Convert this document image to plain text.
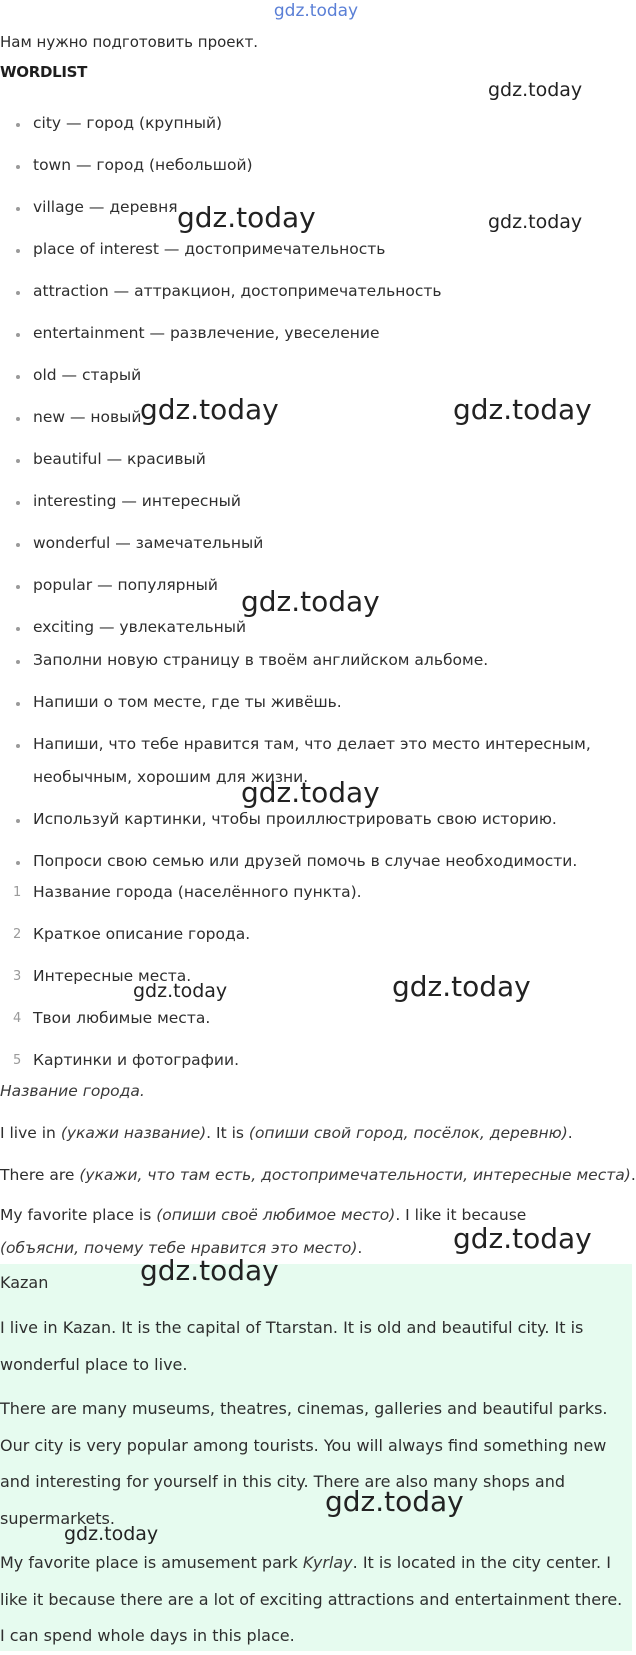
gdz.today
Нам нужно подготовить проект.
WORDLIST
city — город (крупный)
town — город (небольшой)
village — деревня
place of interest — достопримечательность
attraction — аттракцион, достопримечательность
entertainment — развлечение, увеселение
old — старый
new — новый
beautiful — красивый
interesting — интересный
wonderful — замечательный
popular — популярный
exciting — увлекательный
Заполни новую страницу в твоём английском альбоме.
Напиши о том месте, где ты живёшь.
Напиши, что тебе нравится там, что делает это место интересным, необычным, хорошим для жизни.
Используй картинки, чтобы проиллюстрировать свою историю.
Попроси свою семью или друзей помочь в случае необходимости.
1 Название города (населённого пункта).
2 Краткое описание города.
3 Интересные места.
4 Твои любимые места.
5 Картинки и фотографии.
Название города.
I live in (укажи название). It is (опиши свой город, посёлок, деревню).
There are (укажи, что там есть, достопримечательности, интересные места).
My favorite place is (опиши своё любимое место). I like it because (объясни, почему тебе нравится это место).
Kazan
I live in Kazan. It is the capital of Ttarstan. It is old and beautiful city. It is wonderful place to live.
There are many museums, theatres, cinemas, galleries and beautiful parks. Our city is very popular among tourists. You will always find something new and interesting for yourself in this city. There are also many shops and supermarkets.
My favorite place is amusement park Kyrlay. It is located in the city center. I like it because there are a lot of exciting attractions and entertainment there. I can spend whole days in this place.
gdz.today
gdz.today	gdz.today
gdz.today	gdz.today
gdz.today
gdz.today
gdz.today	gdz.today
gdz.today
gdz.today
gdz.today
gdz.today
